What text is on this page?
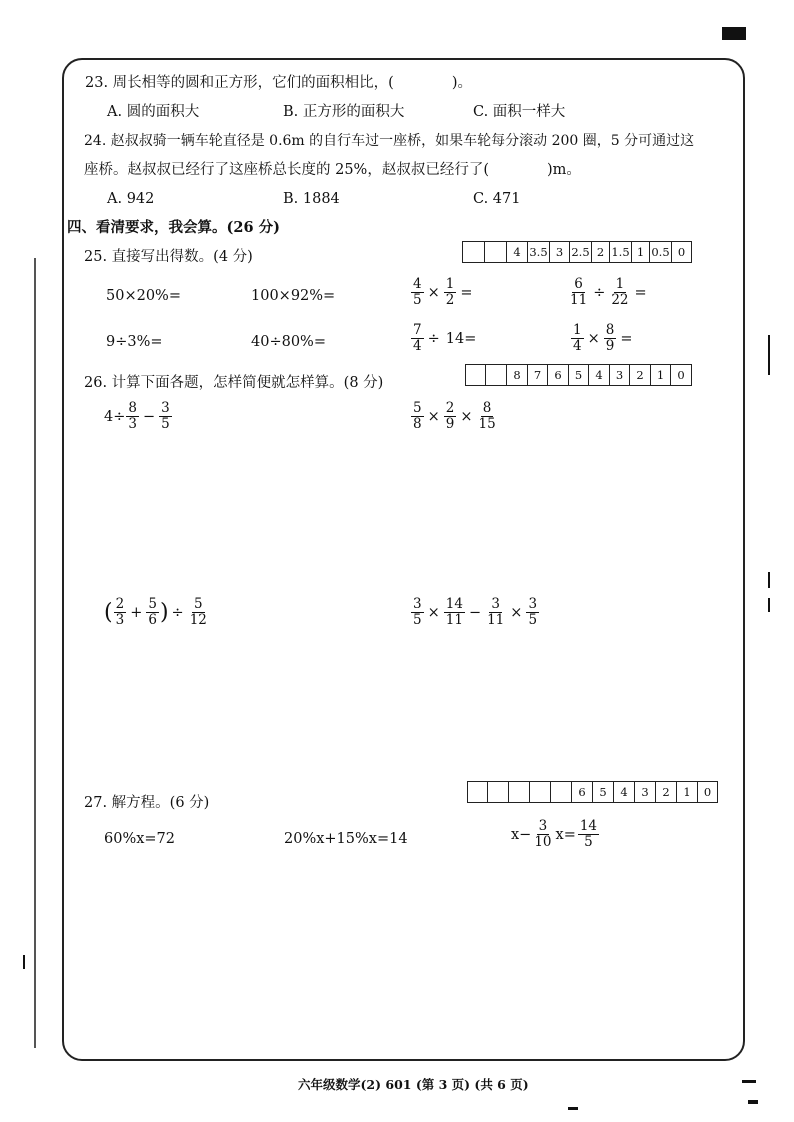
23. 周长相等的圆和正方形，它们的面积相比，(　　　　)。
A. 圆的面积大	B. 正方形的面积大	C. 面积一样大
24. 赵叔叔骑一辆车轮直径是 0.6m 的自行车过一座桥，如果车轮每分滚动 200 圈，5 分可通过这
座桥。赵叔叔已经行了这座桥总长度的 25%，赵叔叔已经行了(　　　　)m。
A. 942	B. 1884	C. 471
四、看清要求，我会算。(26 分)
25. 直接写出得数。(4 分)	4 3.5 3 2.5 2 1.5 1 0.5 0
50×20%=	100×92%=	$\frac{4}{5} \times \frac{1}{2}$ =	$\frac{6}{11} \div \frac{1}{22}$ =
9÷3%=	40÷80%=	$\frac{7}{4} \div 14=$	$\frac{1}{4} \times \frac{8}{9}$ =
26. 计算下面各题，怎样简便就怎样算。(8 分)	8	7	6	5	4	3	2	1	0
$4\div \frac{8}{3} - \frac{3}{5}$	$\frac{5}{8} \times \frac{2}{9} \times \frac{8}{15}$
( $\frac{2}{3} + \frac{5}{6}$ ) ÷ $\frac{5}{12}$	$\frac{3}{5} \times \frac{14}{11} - \frac{3}{11} \times \frac{3}{5}$
27. 解方程。(6 分)
6	5	4	3	2	1	0
60%x=72	20%x+15%x=14	$x- \frac{3}{10} x= \frac{14}{5}$
六年级数学(2) 601 (第 3 页) (共 6 页)
